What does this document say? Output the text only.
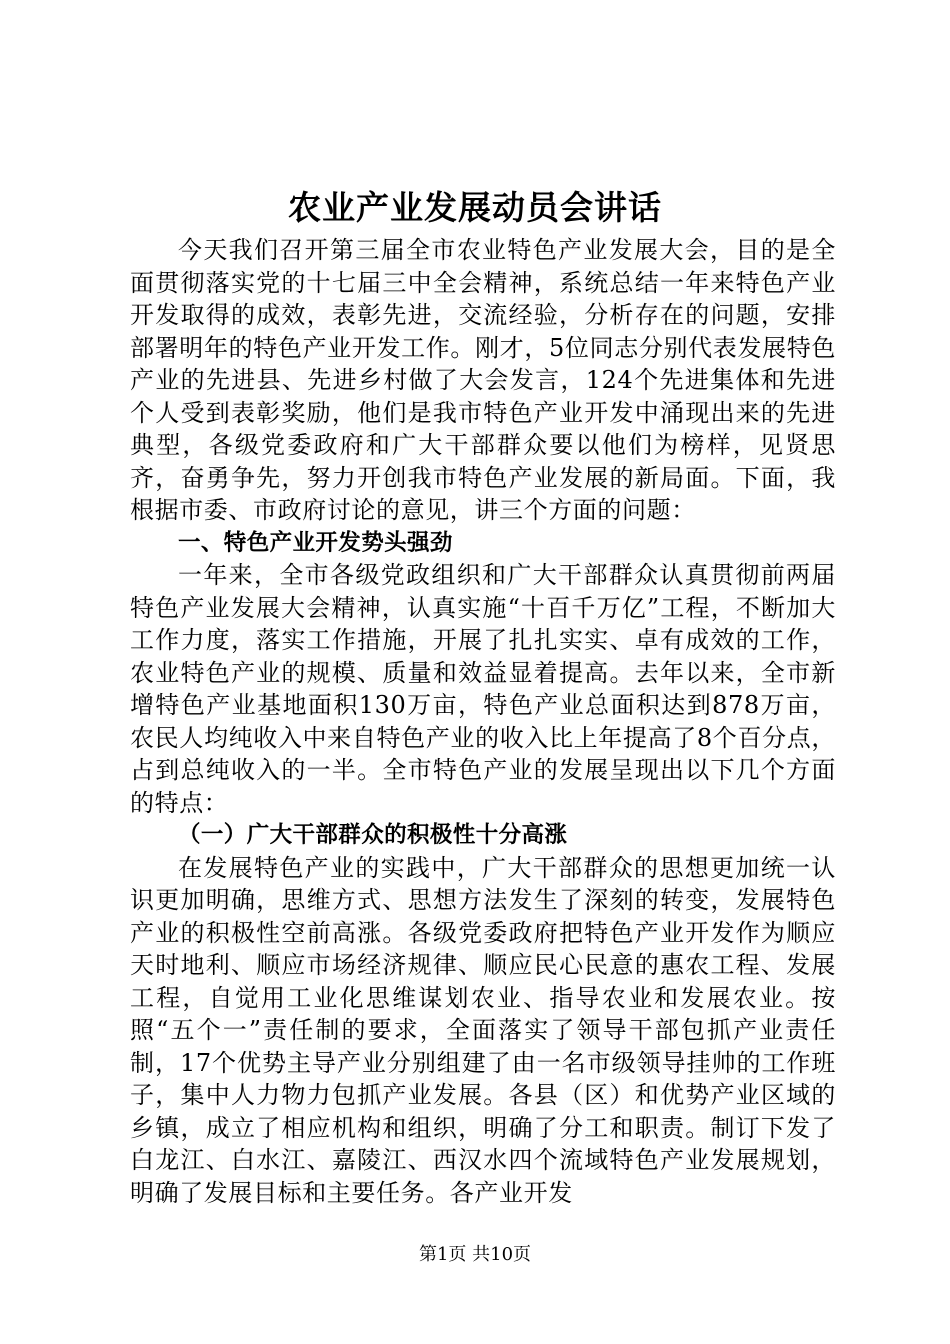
农业产业发展动员会讲话

今天我们召开第三届全市农业特色产业发展大会，目的是全面贯彻落实党的十七届三中全会精神，系统总结一年来特色产业开发取得的成效，表彰先进，交流经验，分析存在的问题，安排部署明年的特色产业开发工作。刚才，5位同志分别代表发展特色产业的先进县、先进乡村做了大会发言，124个先进集体和先进个人受到表彰奖励，他们是我市特色产业开发中涌现出来的先进典型，各级党委政府和广大干部群众要以他们为榜样，见贤思齐，奋勇争先，努力开创我市特色产业发展的新局面。下面，我根据市委、市政府讨论的意见，讲三个方面的问题：

一、特色产业开发势头强劲

一年来，全市各级党政组织和广大干部群众认真贯彻前两届特色产业发展大会精神，认真实施“十百千万亿”工程，不断加大工作力度，落实工作措施，开展了扎扎实实、卓有成效的工作，农业特色产业的规模、质量和效益显着提高。去年以来，全市新增特色产业基地面积130万亩，特色产业总面积达到878万亩，农民人均纯收入中来自特色产业的收入比上年提高了8个百分点，占到总纯收入的一半。全市特色产业的发展呈现出以下几个方面的特点：

（一）广大干部群众的积极性十分高涨

在发展特色产业的实践中，广大干部群众的思想更加统一认识更加明确，思维方式、思想方法发生了深刻的转变，发展特色产业的积极性空前高涨。各级党委政府把特色产业开发作为顺应天时地利、顺应市场经济规律、顺应民心民意的惠农工程、发展工程，自觉用工业化思维谋划农业、指导农业和发展农业。按照“五个一”责任制的要求，全面落实了领导干部包抓产业责任制，17个优势主导产业分别组建了由一名市级领导挂帅的工作班子，集中人力物力包抓产业发展。各县（区）和优势产业区域的乡镇，成立了相应机构和组织，明确了分工和职责。制订下发了白龙江、白水江、嘉陵江、西汉水四个流域特色产业发展规划，明确了发展目标和主要任务。各产业开发

第1页 共10页
